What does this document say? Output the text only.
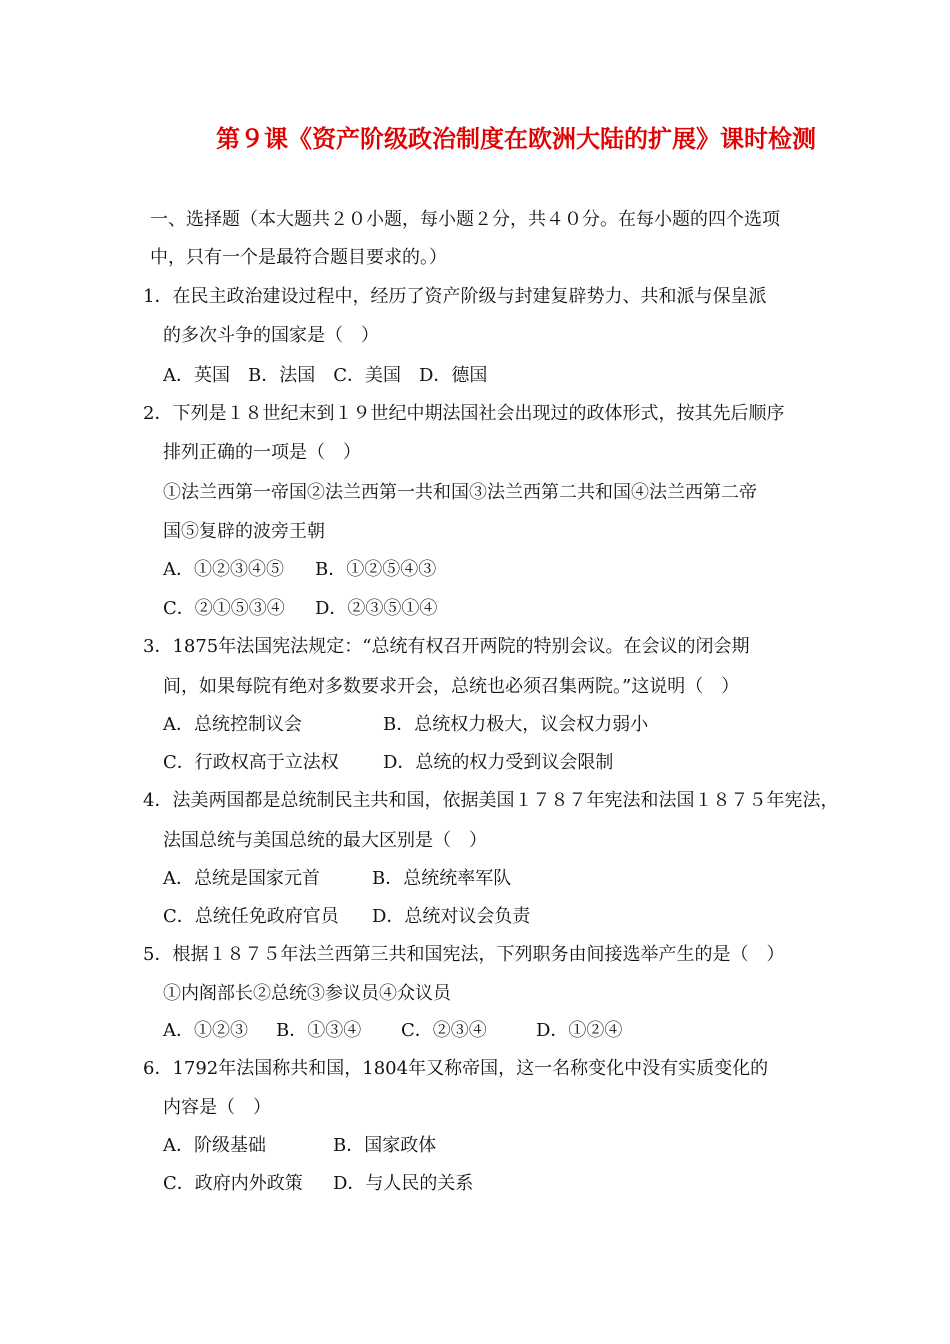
第９课《资产阶级政治制度在欧洲大陆的扩展》课时检测
一、选择题（本大题共２０小题，每小题２分，共４０分。在每小题的四个选项
中，只有一个是最符合题目要求的。）
1．在民主政治建设过程中，经历了资产阶级与封建复辟势力、共和派与保皇派
的多次斗争的国家是（　）
A．英国　B．法国　C．美国　D．德国
2．下列是１８世纪末到１９世纪中期法国社会出现过的政体形式，按其先后顺序
排列正确的一项是（　）
①法兰西第一帝国②法兰西第一共和国③法兰西第二共和国④法兰西第二帝
国⑤复辟的波旁王朝
A．①②③④⑤ B．①②⑤④③
C．②①⑤③④ D．②③⑤①④
3．1875年法国宪法规定：“总统有权召开两院的特别会议。在会议的闭会期
间，如果每院有绝对多数要求开会，总统也必须召集两院。”这说明（　）
A．总统控制议会	B．总统权力极大，议会权力弱小
C．行政权高于立法权 D．总统的权力受到议会限制
4．法美两国都是总统制民主共和国，依据美国１７８７年宪法和法国１８７５年宪法，
法国总统与美国总统的最大区别是（　）
A．总统是国家元首	B．总统统率军队
C．总统任免政府官员 D．总统对议会负责
5．根据１８７５年法兰西第三共和国宪法，下列职务由间接选举产生的是（　）
①内阁部长②总统③参议员④众议员
A．①②③ B．①③④ C．②③④	D．①②④
6．1792年法国称共和国，1804年又称帝国，这一名称变化中没有实质变化的
内容是（　）
A．阶级基础	B．国家政体
C．政府内外政策 D．与人民的关系
